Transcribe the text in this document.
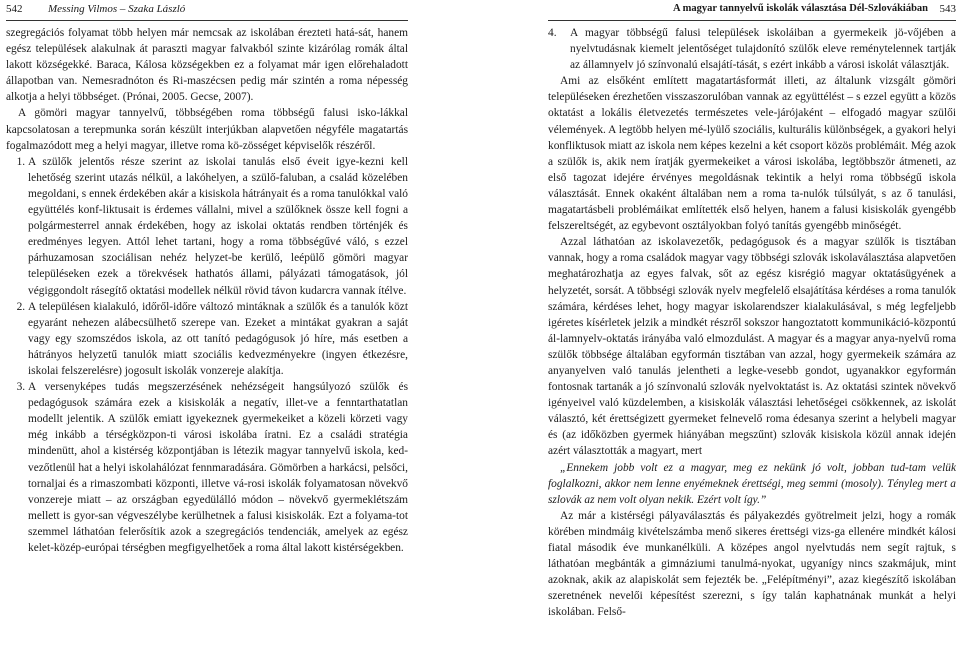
542 Messing Vilmos – Szaka László

szegregációs folyamat több helyen már nemcsak az iskolában érezteti hatá-sát, hanem egész települések alakulnak át paraszti magyar falvakból szinte kizárólag romák által lakott községekké. Baraca, Kálosa községekben ez a folyamat már igen előrehaladott állapotban van. Nemesradnóton és Ri-maszécsen pedig már szintén a roma népesség alkotja a helyi többséget. (Prónai, 2005. Gecse, 2007).

A gömöri magyar tannyelvű, többségében roma többségű falusi isko-lákkal kapcsolatosan a terepmunka során készült interjúkban alapvetően négyféle magatartás fogalmazódott meg a helyi magyar, illetve roma kö-zösséget képviselők részéről.

1. A szülők jelentős része szerint az iskolai tanulás első éveit igye-kezni kell lehetőség szerint utazás nélkül, a lakóhelyen, a szülő-faluban, a család közelében megoldani, s ennek érdekében akár a kisiskola hátrányait és a roma tanulókkal való együttélés konf-liktusait is érdemes vállalni, mivel a szülőknek össze kell fogni a polgármesterrel annak érdekében, hogy az iskolai oktatás rendben történjék és eredményes legyen. Attól lehet tartani, hogy a roma többségűvé váló, s ezzel párhuzamosan szociálisan nehéz helyzet-be kerülő, leépülő gömöri magyar településeken ezek a törekvések hathatós állami, pályázati támogatások, jól végiggondolt rásegítő oktatási modellek nélkül rövid távon kudarcra vannak ítélve.
2. A településen kialakuló, időről-időre változó mintáknak a szülők és a tanulók közt egyaránt nehezen alábecsülhető szerepe van. Ezeket a mintákat gyakran a saját vagy egy szomszédos iskola, az ott tanító pedagógusok jó híre, más esetben a hátrányos helyzetű tanulók miatt szociális kedvezményekre (ingyen étkezésre, iskolai felszerelésre) jogosult iskolák vonzereje alakítja.
3. A versenyképes tudás megszerzésének nehézségeit hangsúlyozó szülők és pedagógusok számára ezek a kisiskolák a negatív, illet-ve a fenntarthatatlan modellt jelentik. A szülők emiatt igyekeznek gyermekeiket a közeli körzeti vagy még inkább a térségközpon-ti városi iskolába íratni. Ez a családi stratégia mindenütt, ahol a kistérség központjában is létezik magyar tannyelvű iskola, ked-vezőtlenül hat a helyi iskolahálózat fennmaradására. Gömörben a harkácsi, pelsőci, tornaljai és a rimaszombati központi, illetve vá-rosi iskolák folyamatosan növekvő vonzereje miatt – az országban egyedülálló módon – növekvő gyermeklétszám mellett is gyor-san végveszélybe kerülhetnek a falusi kisiskolák. Ezt a folyama-tot szemmel láthatóan felerősítik azok a szegregációs tendenciák, amelyek az egész kelet-közép-európai térségben megfigyelhetőek a roma által lakott kistérségekben.
A magyar tannyelvű iskolák választása Dél-Szlovákiában 543
4.	A magyar többségű falusi települések iskoláiban a gyermekeik jö-vőjében a nyelvtudásnak kiemelt jelentőséget tulajdonító szülők eleve reménytelennek tartják az államnyelv jó színvonalú elsajátí-tását, s ezért inkább a városi iskolát választják.

Ami az elsőként említett magatartásformát illeti, az általunk vizsgált gömöri településeken érezhetően visszaszorulóban vannak az együttélést – s ezzel együtt a közös oktatást a lokális életvezetés természetes vele-járójaként – elfogadó magyar szülői vélemények. A legtöbb helyen mé-lyülő szociális, kulturális különbségek, a gyakori helyi konfliktusok miatt az iskola nem képes kezelni a két csoport közös problémáit. Még azok a szülők is, akik nem íratják gyermekeiket a városi iskolába, legtöbbször átmeneti, az első tagozat idejére érvényes megoldásnak tekintik a helyi roma többségű iskola választását. Ennek okaként általában nem a roma ta-nulók túlsúlyát, s az ő tanulási, magatartásbeli problémáikat említették első helyen, hanem a falusi kisiskolák gyengébb felszereltségét, az egybevont osztályokban folyó tanítás gyengébb minőségét.

Azzal láthatóan az iskolavezetők, pedagógusok és a magyar szülők is tisztában vannak, hogy a roma családok magyar vagy többségi szlovák iskolaválasztása alapvetően meghatározhatja az egyes falvak, sőt az egész kisrégió magyar oktatásügyének a helyzetét, sorsát. A többségi szlovák nyelv megfelelő elsajátítása kérdéses a roma tanulók számára, kérdéses lehet, hogy magyar iskolarendszer kialakulásával, s még legfeljebb igéretes kísérletek jelzik a mindkét részről sokszor hangoztatott kommunikáció-központú ál-lamnyelv-oktatás irányába való elmozdulást. A magyar és a magyar anya-nyelvű roma szülők többsége általában egyformán tisztában van azzal, hogy gyermekeik számára az anyanyelven való tanulás jelentheti a legke-vesebb gondot, ugyanakkor egyformán fontosnak tartanák a jó színvonalú szlovák nyelvoktatást is. Az oktatási szintek növekvő igényeivel való küzdelemben, a kisiskolák választási lehetőségei csökkennek, az iskolát választó, két érettségizett gyermeket felnevelő roma édesanya szerint a helybeli magyar és (az időközben gyermek hiányában megszűnt) szlovák kisiskola közül annak idején azért választották a magyart, mert

„Ennekem jobb volt ez a magyar, meg ez nekünk jó volt, jobban tud-tam velük foglalkozni, akkor nem lenne enyémeknek érettségi, meg semmi (mosoly). Tényleg mert a szlovák az nem volt olyan nekik. Ezért volt így.”

Az már a kistérségi pályaválasztás és pályakezdés gyötrelmeit jelzi, hogy a romák körében mindmáig kivételszámba menő sikeres érettségi vizs-ga ellenére mindkét kálosi fiatal második éve munkanélküli. A középes angol nyelvtudás nem segít rajtuk, s láthatóan megbánták a gimnáziumi tanulmá-nyokat, ugyanígy nincs szakmájuk, mint azoknak, akik az alapiskolát sem fejezték be. „Felépítményi”, azaz kiegészítő iskolában szeretnének nevelői képesítést szerezni, s így talán kaphatnának munkát a helyi iskolában. Felső-
